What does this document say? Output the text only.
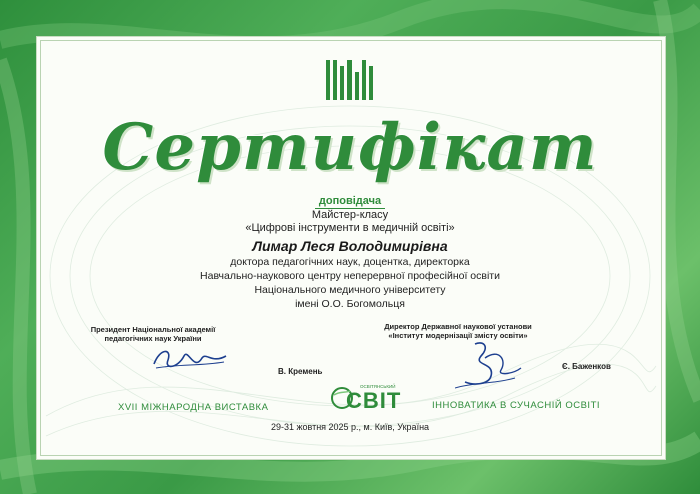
Сертифікат
доповідача
Майстер-класу
«Цифрові інструменти в медичній освіті»
Лимар Леся Володимирівна
доктора педагогічних наук, доцентка, директорка
Навчально-наукового центру неперервної професійної освіти
Національного медичного університету
імені О.О. Богомольця
Президент Національної академії
педагогічних наук України
В. Кремень
Директор Державної наукової установи
«Інститут модернізації змісту освіти»
Є. Баженков
XVII МІЖНАРОДНА ВИСТАВКА
ОСВІТЯНСЬКИЙ
СВІТ	ІННОВАТИКА В СУЧАСНІЙ ОСВІТІ
29-31 жовтня 2025 р., м. Київ, Україна
